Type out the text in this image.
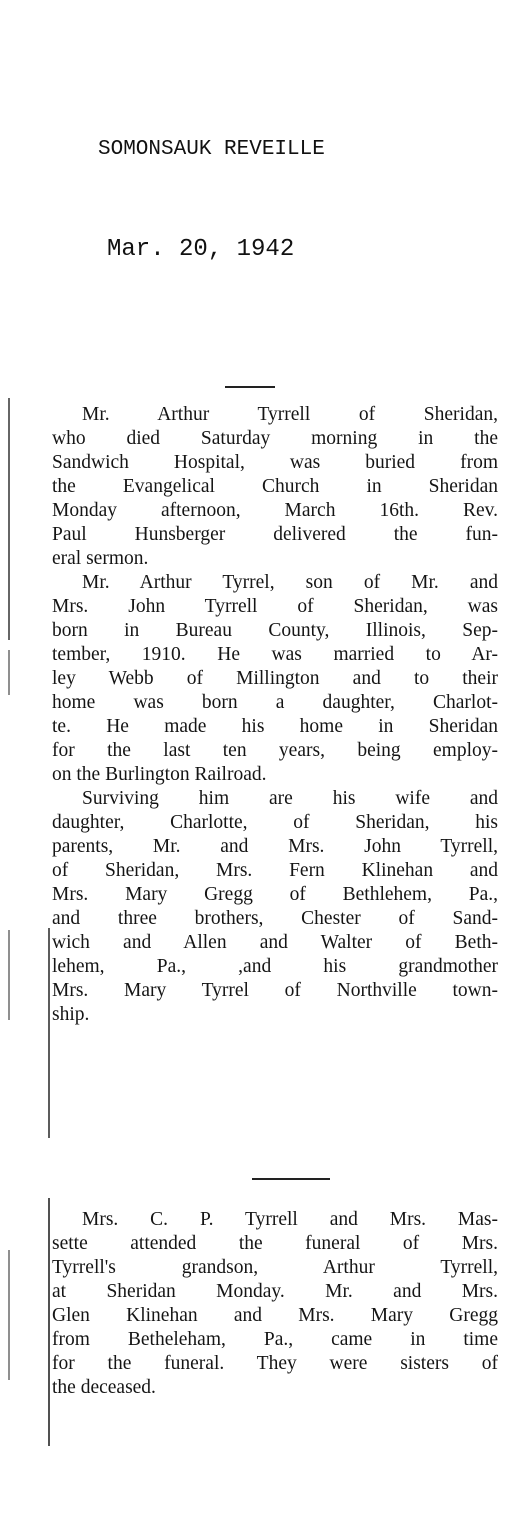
SOMONSAUK REVEILLE
Mar. 20, 1942
Mr. Arthur Tyrrell of Sheridan,
who died Saturday morning in the
Sandwich Hospital, was buried from
the Evangelical Church in Sheridan
Monday afternoon, March 16th. Rev.
Paul Hunsberger delivered the fun-
eral sermon.
Mr. Arthur Tyrrel, son of Mr. and
Mrs. John Tyrrell of Sheridan, was
born in Bureau County, Illinois, Sep-
tember, 1910. He was married to Ar-
ley Webb of Millington and to their
home was born a daughter, Charlot-
te. He made his home in Sheridan
for the last ten years, being employ-
on the Burlington Railroad.
Surviving him are his wife and
daughter, Charlotte, of Sheridan, his
parents, Mr. and Mrs. John Tyrrell,
of Sheridan, Mrs. Fern Klinehan and
Mrs. Mary Gregg of Bethlehem, Pa.,
and three brothers, Chester of Sand-
wich and Allen and Walter of Beth-
lehem, Pa., ,and his grandmother
Mrs. Mary Tyrrel of Northville town-
ship.
Mrs. C. P. Tyrrell and Mrs. Mas-
sette attended the funeral of Mrs.
Tyrrell's grandson, Arthur Tyrrell,
at Sheridan Monday. Mr. and Mrs.
Glen Klinehan and Mrs. Mary Gregg
from Betheleham, Pa., came in time
for the funeral. They were sisters of
the deceased.
